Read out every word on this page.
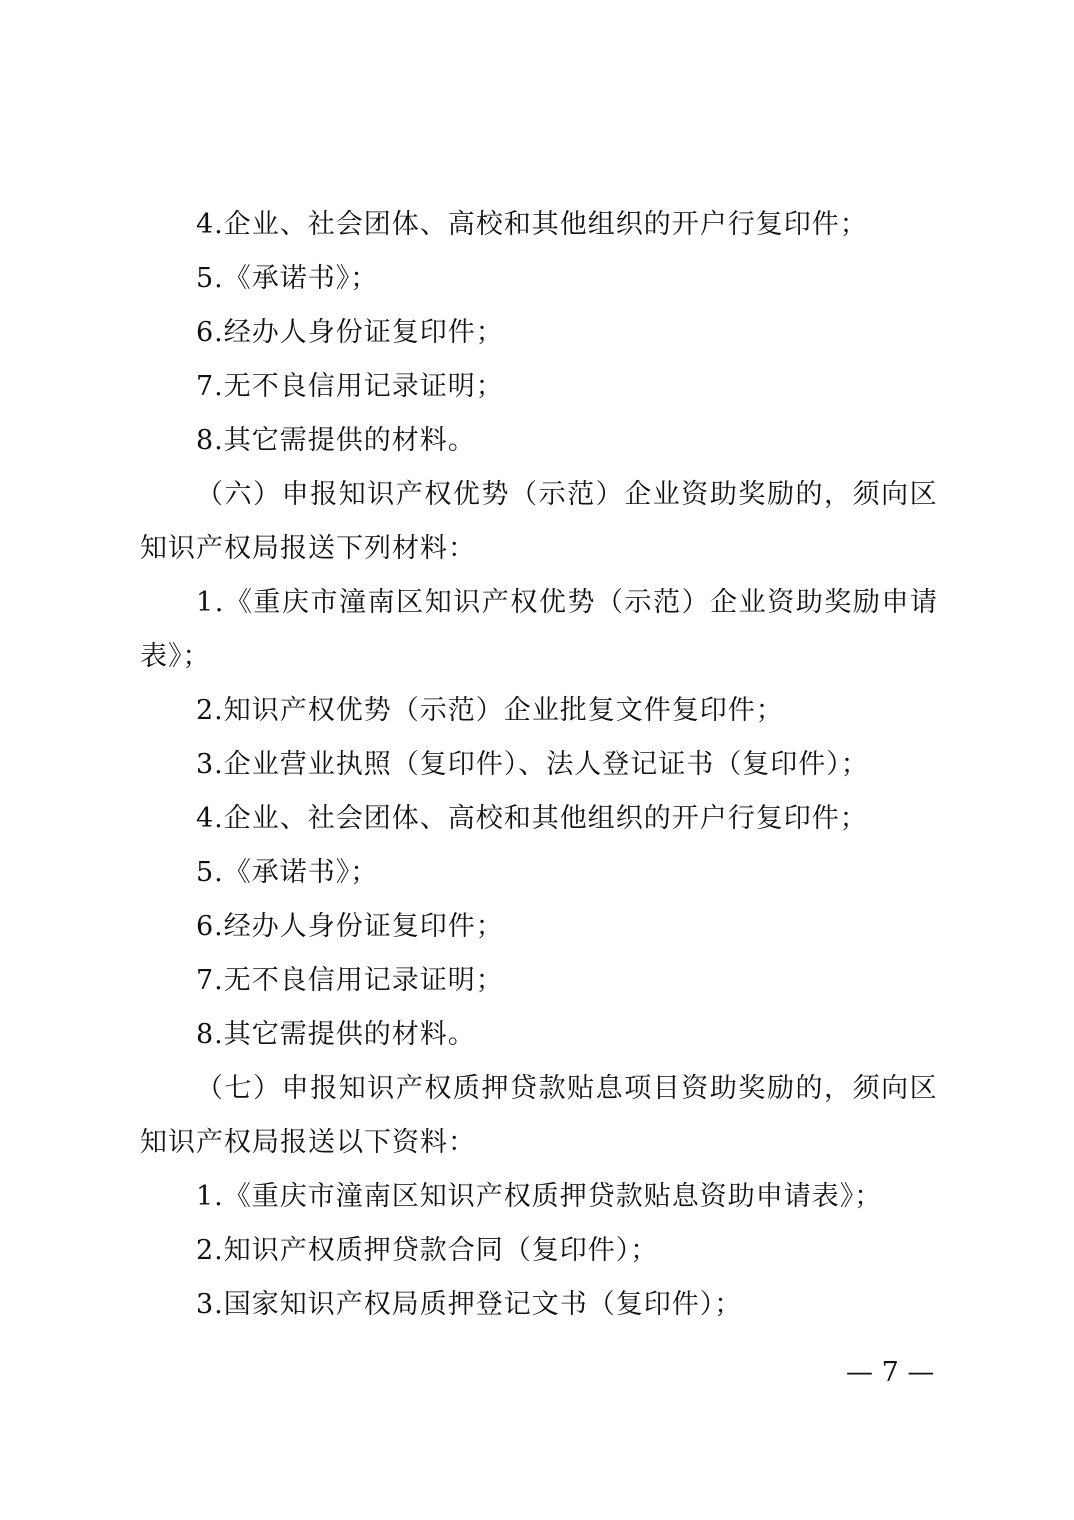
4.企业、社会团体、高校和其他组织的开户行复印件；
5.《承诺书》；
6.经办人身份证复印件；
7.无不良信用记录证明；
8.其它需提供的材料。
（ 六 ） 申 报 知 识 产 权 优 势 （ 示 范 ） 企 业 资 助 奖 励 的 ， 须 向 区
知识产权局报送下列材料：
1 . 《 重 庆 市 潼 南 区 知 识 产 权 优 势 （ 示 范 ） 企 业 资 助 奖 励 申 请
表》；
2.知识产权优势（示范）企业批复文件复印件；
3.企业营业执照（复印件）、法人登记证书（复印件）；
4.企业、社会团体、高校和其他组织的开户行复印件；
5.《承诺书》；
6.经办人身份证复印件；
7.无不良信用记录证明；
8.其它需提供的材料。
（ 七 ） 申 报 知 识 产 权 质 押 贷 款 贴 息 项 目 资 助 奖 励 的 ， 须 向 区
知识产权局报送以下资料：
1.《重庆市潼南区知识产权质押贷款贴息资助申请表》；
2.知识产权质押贷款合同（复印件）；
3.国家知识产权局质押登记文书（复印件）；
— 7 —
